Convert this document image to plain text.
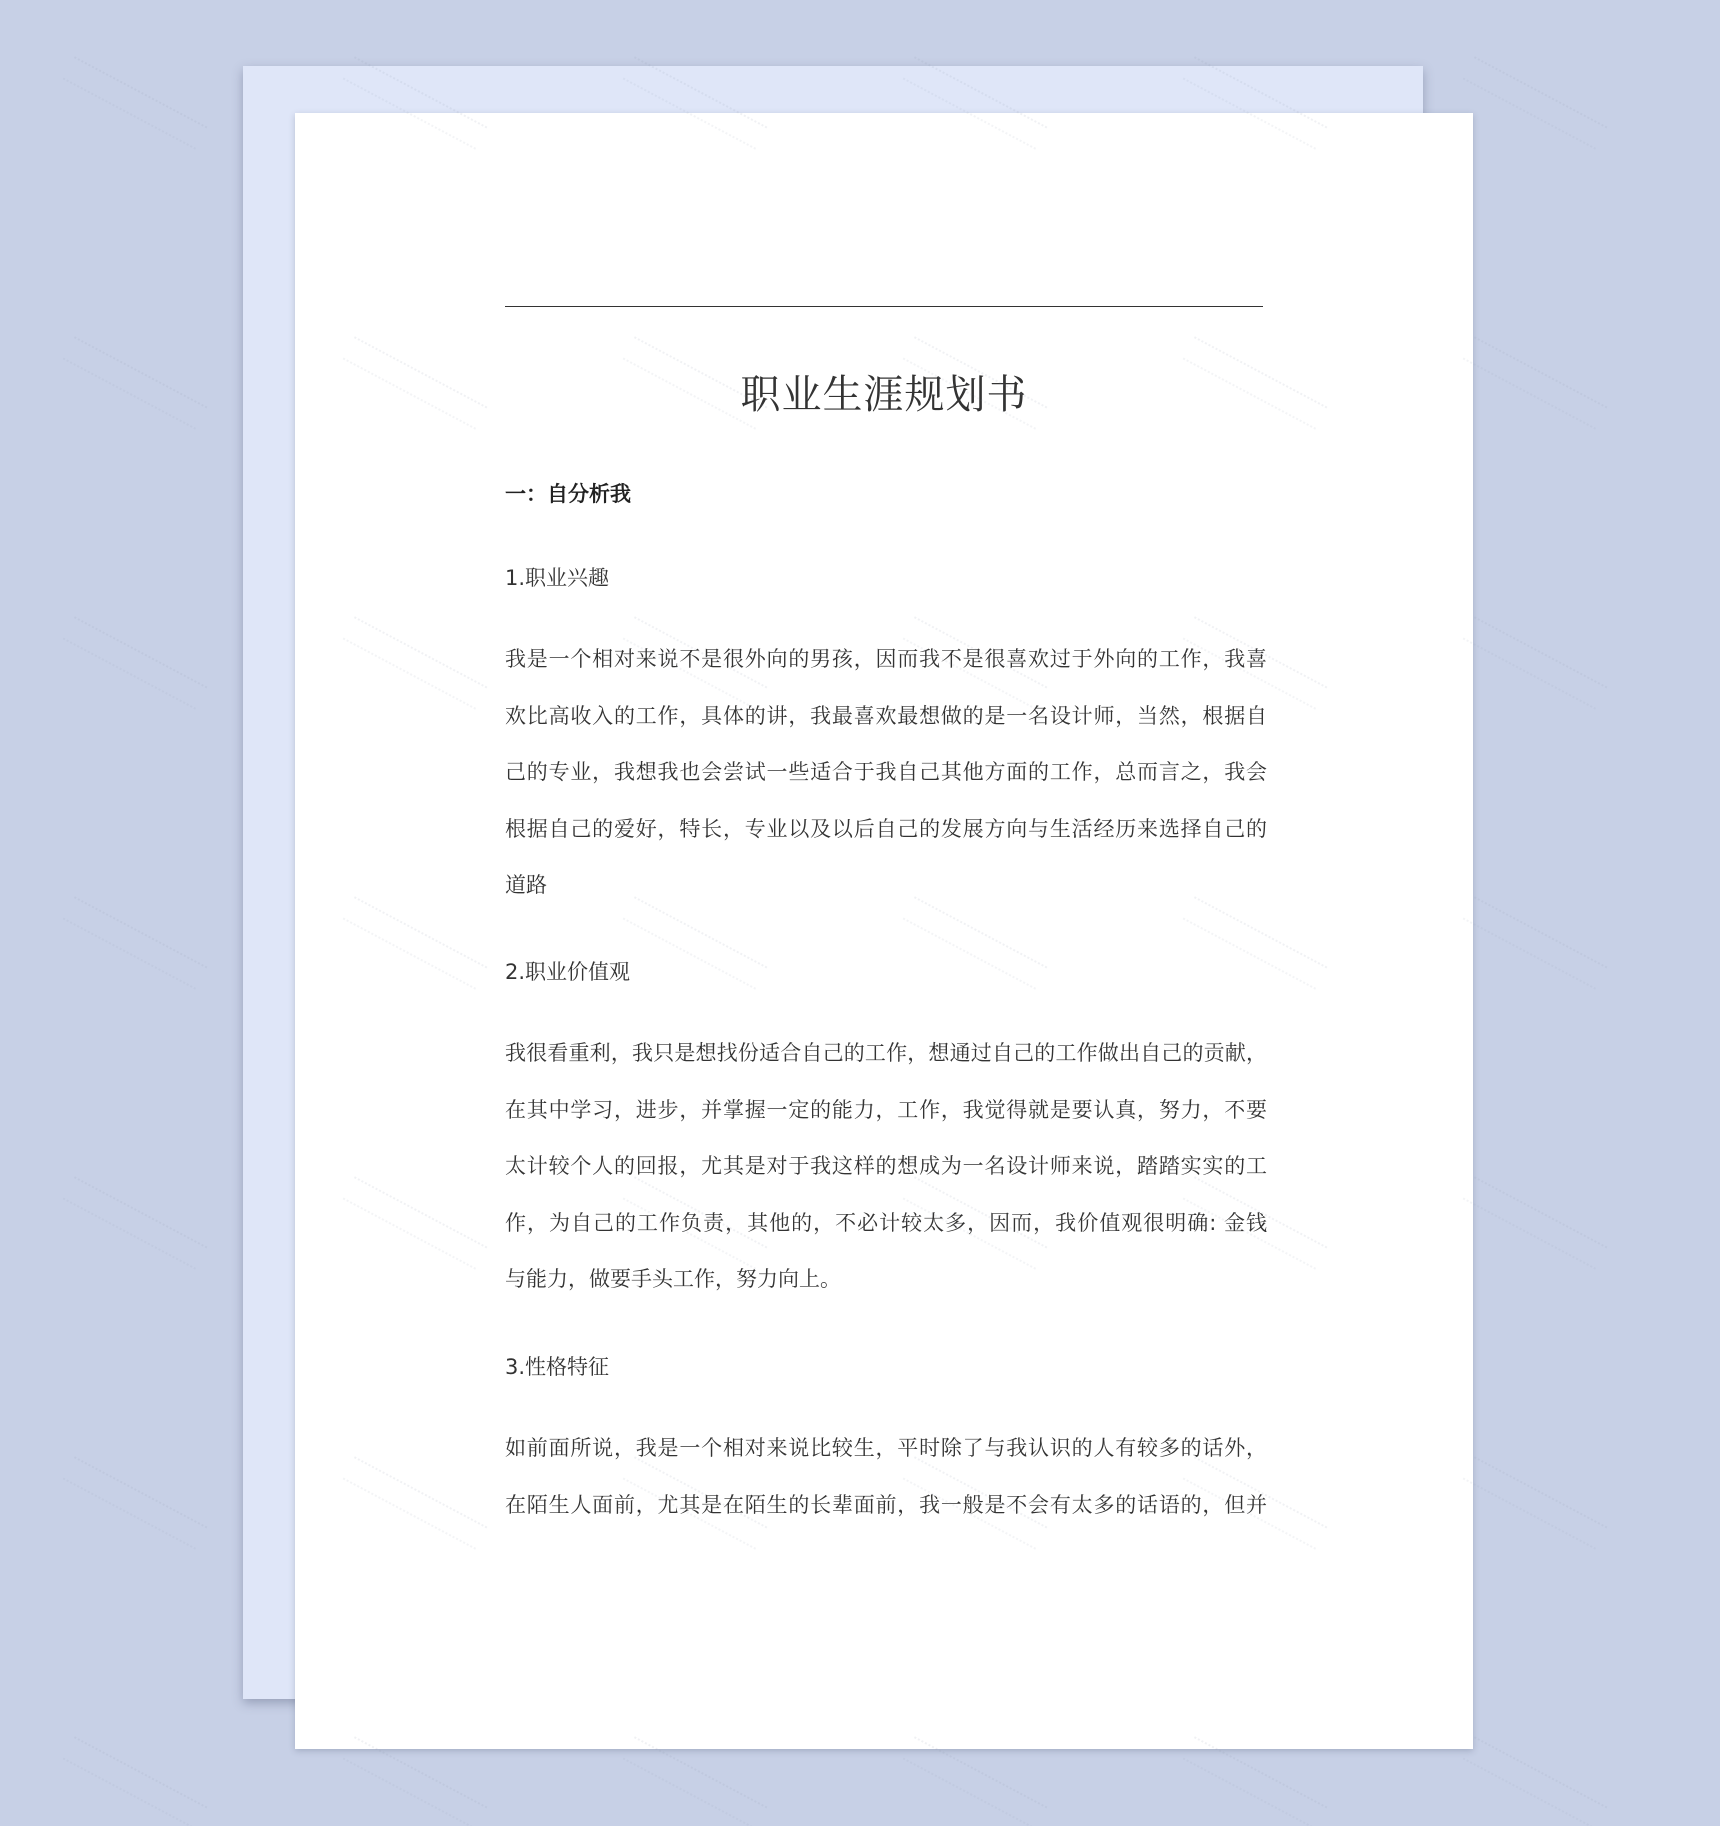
职业生涯规划书
一：自分析我
1.职业兴趣
我是一个相对来说不是很外向的男孩，因而我不是很喜欢过于外向的工作，我喜
欢比高收入的工作，具体的讲，我最喜欢最想做的是一名设计师，当然，根据自
己的专业，我想我也会尝试一些适合于我自己其他方面的工作，总而言之，我会
根据自己的爱好，特长，专业以及以后自己的发展方向与生活经历来选择自己的
道路
2.职业价值观
我很看重利，我只是想找份适合自己的工作，想通过自己的工作做出自己的贡献，
在其中学习，进步，并掌握一定的能力，工作，我觉得就是要认真，努力，不要
太计较个人的回报，尤其是对于我这样的想成为一名设计师来说，踏踏实实的工
作，为自己的工作负责，其他的，不必计较太多，因而，我价值观很明确: 金钱
与能力，做要手头工作，努力向上。
3.性格特征
如前面所说，我是一个相对来说比较生，平时除了与我认识的人有较多的话外，
在陌生人面前，尤其是在陌生的长辈面前，我一般是不会有太多的话语的，但并
